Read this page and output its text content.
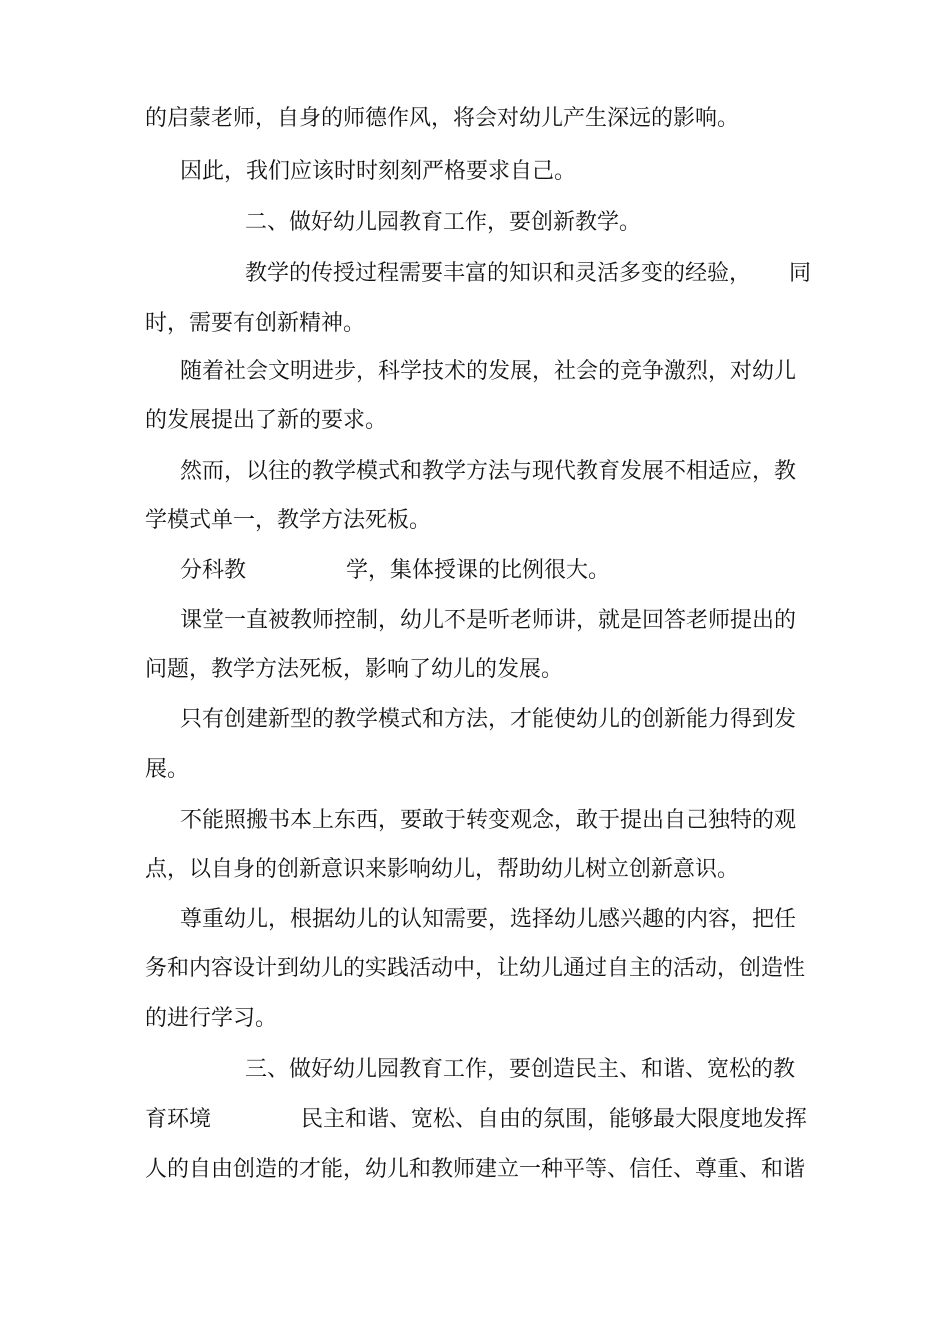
的启蒙老师，自身的师德作风，将会对幼儿产生深远的影响。
因此，我们应该时时刻刻严格要求自己。
二、做好幼儿园教育工作，要创新教学。
教学的传授过程需要丰富的知识和灵活多变的经验， 同
时，需要有创新精神。
随着社会文明进步，科学技术的发展，社会的竞争激烈，对幼儿
的发展提出了新的要求。
然而，以往的教学模式和教学方法与现代教育发展不相适应，教
学模式单一，教学方法死板。
分科教	学，集体授课的比例很大。
课堂一直被教师控制，幼儿不是听老师讲，就是回答老师提出的
问题，教学方法死板，影响了幼儿的发展。
只有创建新型的教学模式和方法，才能使幼儿的创新能力得到发
展。
不能照搬书本上东西，要敢于转变观念，敢于提出自己独特的观
点，以自身的创新意识来影响幼儿，帮助幼儿树立创新意识。
尊重幼儿，根据幼儿的认知需要，选择幼儿感兴趣的内容，把任
务和内容设计到幼儿的实践活动中，让幼儿通过自主的活动，创造性
的进行学习。
三、做好幼儿园教育工作，要创造民主、和谐、宽松的教
育环境	民主和谐、宽松、自由的氛围，能够最大限度地发挥
人的自由创造的才能，幼儿和教师建立一种平等、信任、尊重、和谐
